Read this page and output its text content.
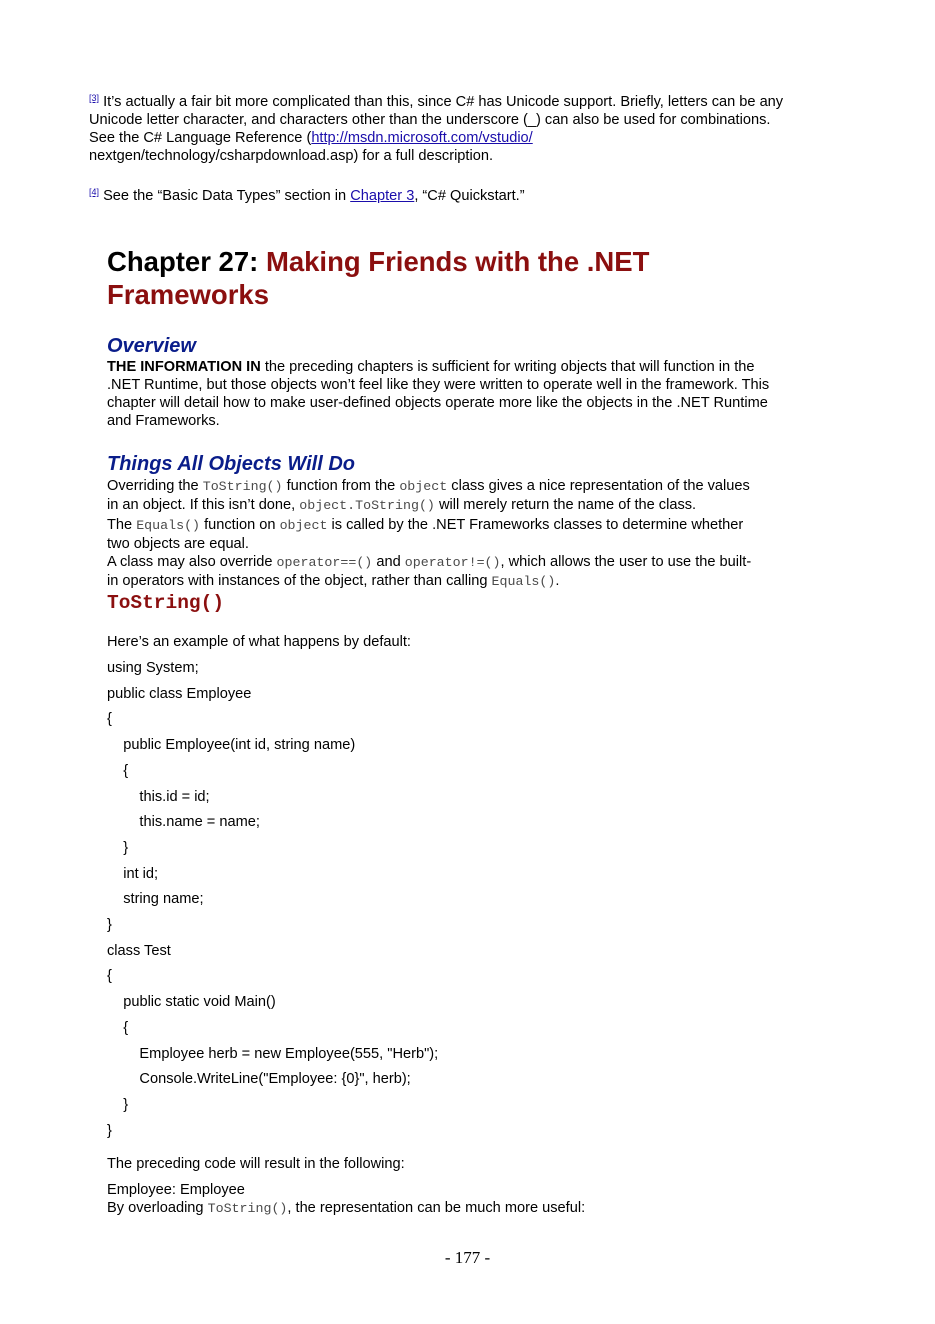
[3] It’s actually a fair bit more complicated than this, since C# has Unicode support. Briefly, letters can be any
Unicode letter character, and characters other than the underscore (_) can also be used for combinations.
See the C# Language Reference (http://msdn.microsoft.com/vstudio/
nextgen/technology/csharpdownload.asp) for a full description.
[4] See the “Basic Data Types” section in Chapter 3, “C# Quickstart.”
Chapter 27: Making Friends with the .NET
Frameworks
Overview
THE INFORMATION IN the preceding chapters is sufficient for writing objects that will function in the
.NET Runtime, but those objects won’t feel like they were written to operate well in the framework. This
chapter will detail how to make user-defined objects operate more like the objects in the .NET Runtime
and Frameworks.
Things All Objects Will Do
Overriding the ToString() function from the object class gives a nice representation of the values
in an object. If this isn’t done, object.ToString() will merely return the name of the class.
The Equals() function on object is called by the .NET Frameworks classes to determine whether
two objects are equal.
A class may also override operator==() and operator!=(), which allows the user to use the built-
in operators with instances of the object, rather than calling Equals().
ToString()
Here’s an example of what happens by default:
using System;
public class Employee
{
public Employee(int id, string name)
{
this.id = id;
this.name = name;
}
int id;
string name;
}
class Test
{
public static void Main()
{
Employee herb = new Employee(555, "Herb");
Console.WriteLine("Employee: {0}", herb);
}
}
The preceding code will result in the following:
Employee: Employee
By overloading ToString(), the representation can be much more useful:
- 177 -
